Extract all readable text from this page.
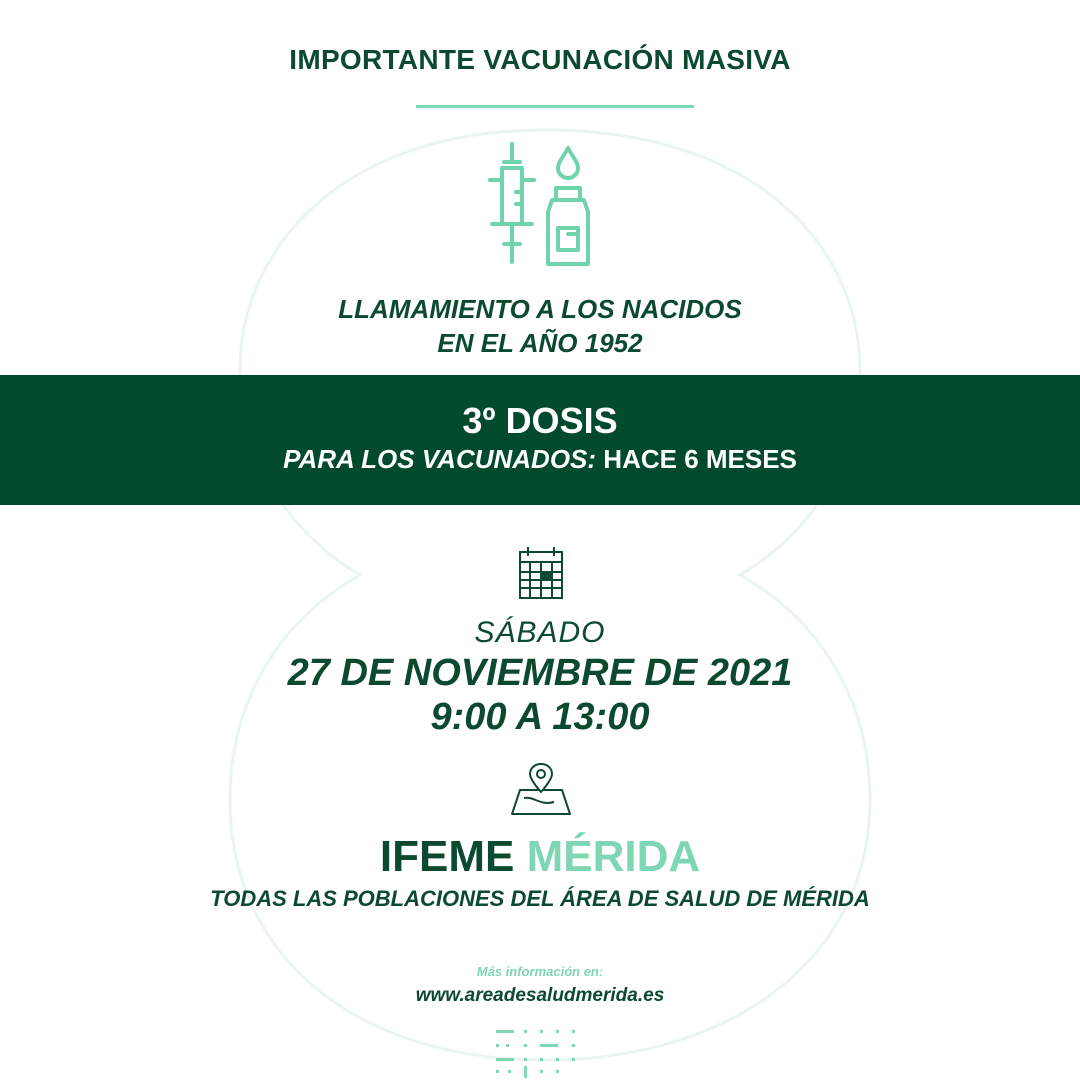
IMPORTANTE VACUNACIÓN MASIVA
LLAMAMIENTO A LOS NACIDOS
EN EL AÑO 1952
3º DOSIS
PARA LOS VACUNADOS: HACE 6 MESES
SÁBADO
27 DE NOVIEMBRE DE 2021
9:00 A 13:00
IFEME MÉRIDA
TODAS LAS POBLACIONES DEL ÁREA DE SALUD DE MÉRIDA
Más información en:
www.areadesaludmerida.es
